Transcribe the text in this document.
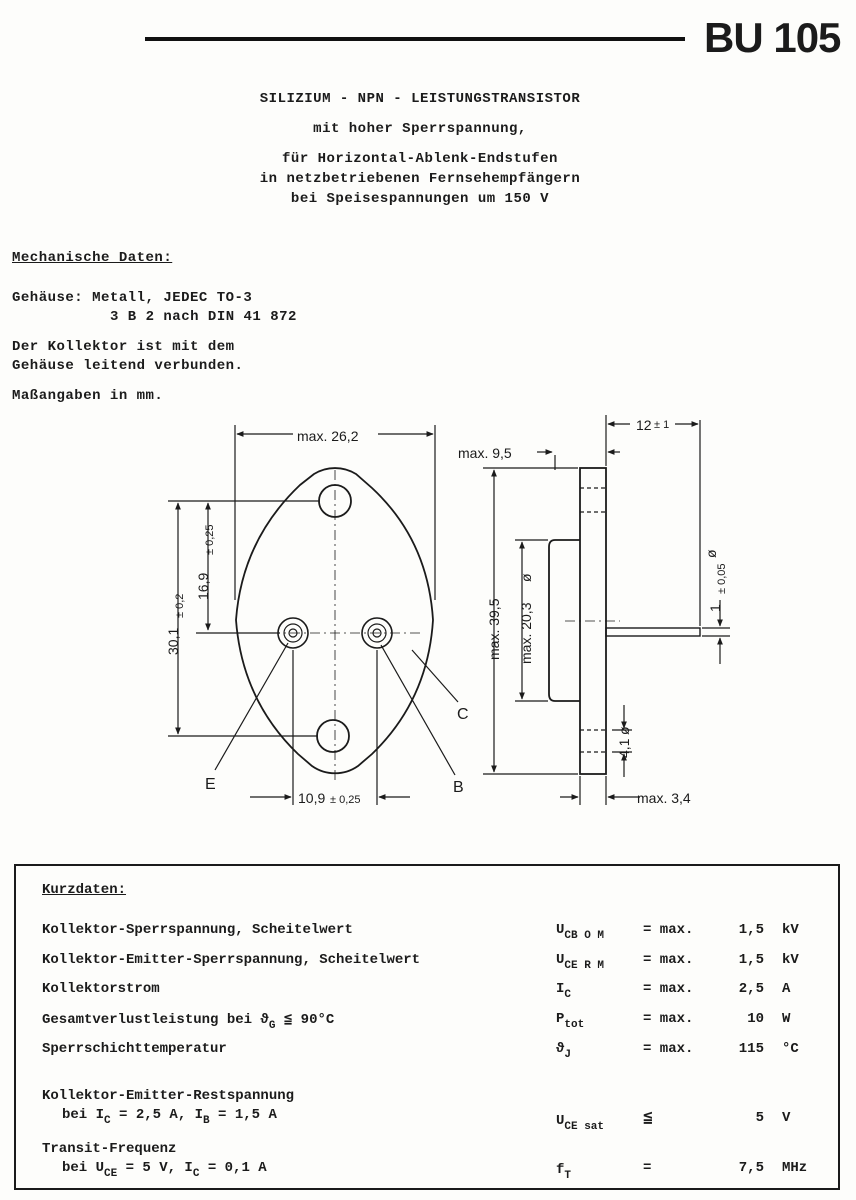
BU 105
SILIZIUM - NPN - LEISTUNGSTRANSISTOR
mit hoher Sperrspannung,
für Horizontal-Ablenk-Endstufen
in netzbetriebenen Fernsehempfängern
bei Speisespannungen um 150 V
Mechanische Daten:
Gehäuse: Metall, JEDEC TO-3
3 B 2 nach DIN 41 872
Der Kollektor ist mit dem
Gehäuse leitend verbunden.
Maßangaben in mm.
max. 26,2
16,9
± 0,25
30,1
± 0,2
10,9 ± 0,25
E	B
C
max. 9,5
max. 39,5 max. 20,3
ø
12 ± 1
1
± 0,05
ø
4,1
ø
max. 3,4
Kurzdaten:
Kollektor-Sperrspannung, Scheitelwert	$U_{CB O M}$	= max.	1,5 kV
Kollektor-Emitter-Sperrspannung, Scheitelwert	$U_{CE R M}$	= max.	1,5 kV
Kollektorstrom	$I_C$	= max.	2,5 A
Gesamtverlustleistung bei $ϑ_G$ ≦ 90°C	$P_{tot}$	= max.	10 W
Sperrschichttemperatur	$ϑ_J$	= max.	115 °C
Kollektor-Emitter-Restspannung
bei $I_C = 2,5$ A, $I_B = 1,5$ A	$U_{CE sat}$ ≦	5 V
Transit-Frequenz
bei $U_{CE} = 5$ V, $I_C = 0,1$ A	$f_T$	=	7,5 MHz
